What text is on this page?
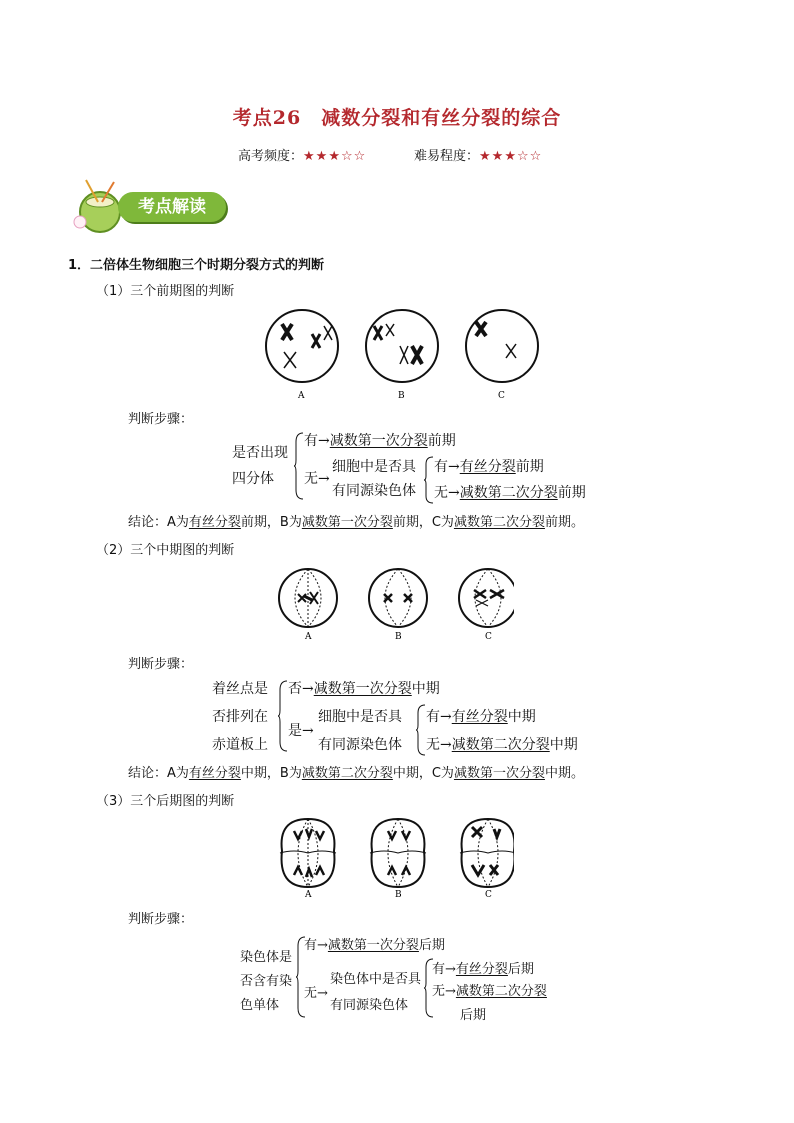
考点26　减数分裂和有丝分裂的综合
高考频度：★★★☆☆	难易程度：★★★☆☆
考点解读
1．二倍体生物细胞三个时期分裂方式的判断
（1）三个前期图的判断
A	B	C
判断步骤：
是否出现
四分体
有→减数第一次分裂前期
无→
细胞中是否具
有同源染色体
有→有丝分裂前期
无→减数第二次分裂前期
结论：A为有丝分裂前期，B为减数第一次分裂前期，C为减数第二次分裂前期。
（2）三个中期图的判断
A	B	C
判断步骤：
着丝点是
否排列在
赤道板上
否→减数第一次分裂中期
是→
细胞中是否具
有同源染色体
有→有丝分裂中期
无→减数第二次分裂中期
结论：A为有丝分裂中期，B为减数第二次分裂中期，C为减数第一次分裂中期。
（3）三个后期图的判断
A	B	C
判断步骤：
染色体是
否含有染
色单体
有→减数第一次分裂后期
无→
染色体中是否具
有同源染色体
有→有丝分裂后期
无→减数第二次分裂
后期
